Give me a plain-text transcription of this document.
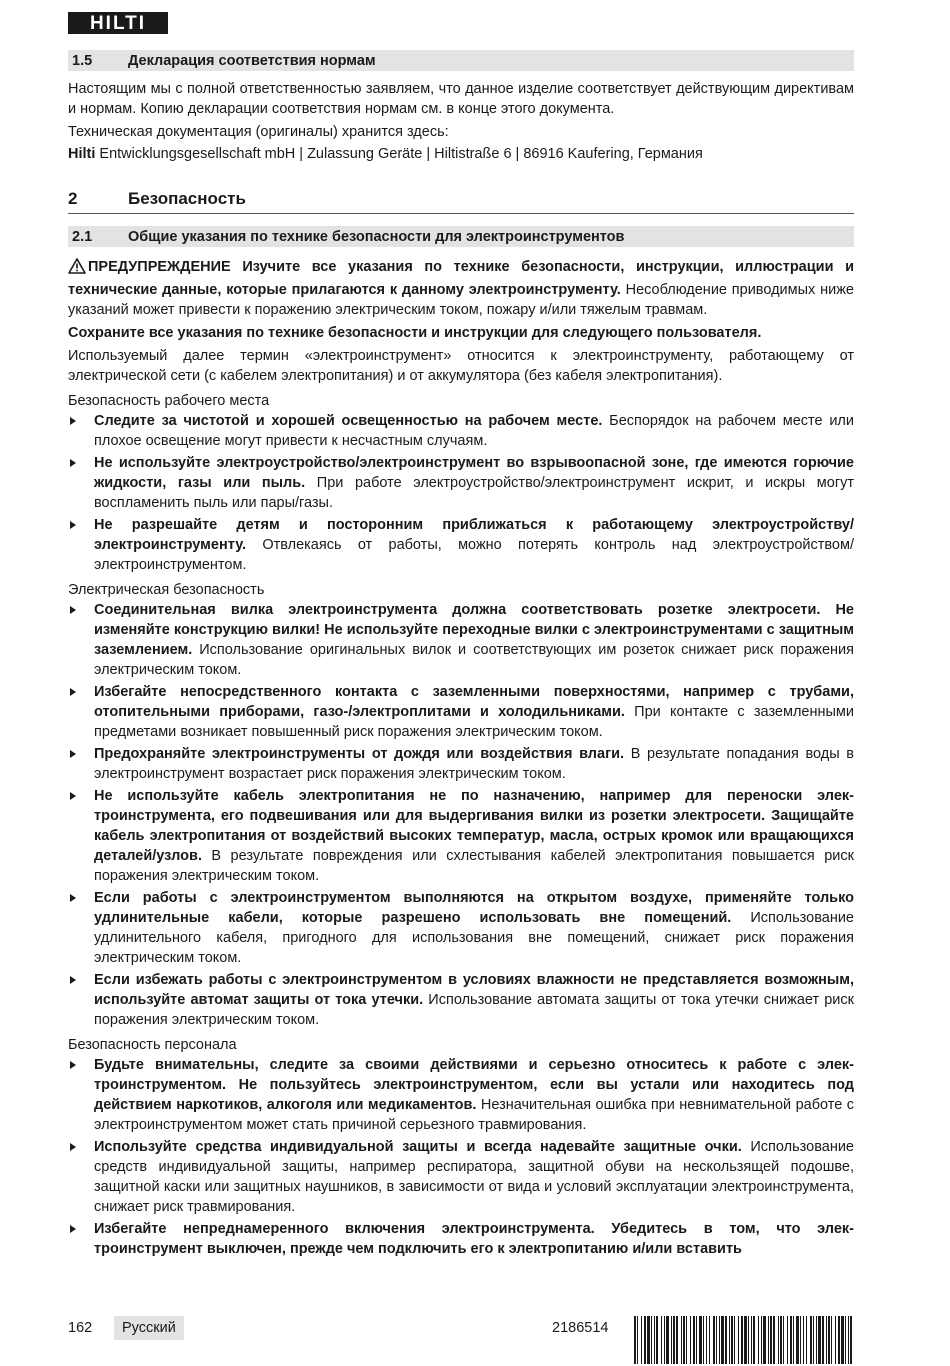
HILTI
1.5	Декларация соответствия нормам

Настоящим мы с полной ответственностью заявляем, что данное изделие соответствует действующим директивам и нормам. Копию декларации соответствия нормам см. в конце этого документа.

Техническая документация (оригиналы) хранится здесь:

Hilti Entwicklungsgesellschaft mbH | Zulassung Geräte | Hiltistraße 6 | 86916 Kaufering, Германия

2	Безопасность
2.1	Общие указания по технике безопасности для электроинструментов

ПРЕДУПРЕЖДЕНИЕ Изучите все указания по технике безопасности, инструкции, иллюстрации и технические данные, которые прилагаются к данному электроинструменту. Несоблюдение приводимых ниже указаний может привести к поражению электрическим током, пожару и/или тяжелым травмам.

Сохраните все указания по технике безопасности и инструкции для следующего пользователя.

Используемый далее термин «электроинструмент» относится к электроинструменту, работающему от электрической сети (с кабелем электропитания) и от аккумулятора (без кабеля электропитания).

Безопасность рабочего места

Следите за чистотой и хорошей освещенностью на рабочем месте. Беспорядок на рабочем месте или плохое освещение могут привести к несчастным случаям.
Не используйте электроустройство/электроинструмент во взрывоопасной зоне, где имеются горючие жидкости, газы или пыль. При работе электроустройство/электроинструмент искрит, и искры могут воспламенить пыль или пары/газы.
Не разрешайте детям и посторонним приближаться к работающему электроустройству/электроинструменту. Отвлекаясь от работы, можно потерять контроль над электроустройством/электроинструментом.

Электрическая безопасность

Соединительная вилка электроинструмента должна соответствовать розетке электросети. Не изменяйте конструкцию вилки! Не используйте переходные вилки с электроинструментами с защитным заземлением. Использование оригинальных вилок и соответствующих им розеток снижает риск поражения электрическим током.
Избегайте непосредственного контакта с заземленными поверхностями, например с трубами, отопительными приборами, газо-/электроплитами и холодильниками. При контакте с заземленными предметами возникает повышенный риск поражения электрическим током.
Предохраняйте электроинструменты от дождя или воздействия влаги. В результате попадания воды в электроинструмент возрастает риск поражения электрическим током.
Не используйте кабель электропитания не по назначению, например для переноски электроинструмента, его подвешивания или для выдергивания вилки из розетки электросети. Защищайте кабель электропитания от воздействий высоких температур, масла, острых кромок или вращающихся деталей/узлов. В результате повреждения или схлестывания кабелей электропитания повышается риск поражения электрическим током.
Если работы с электроинструментом выполняются на открытом воздухе, применяйте только удлинительные кабели, которые разрешено использовать вне помещений. Использование удлинительного кабеля, пригодного для использования вне помещений, снижает риск поражения электрическим током.
Если избежать работы с электроинструментом в условиях влажности не представляется возможным, используйте автомат защиты от тока утечки. Использование автомата защиты от тока утечки снижает риск поражения электрическим током.

Безопасность персонала

Будьте внимательны, следите за своими действиями и серьезно относитесь к работе с электроинструментом. Не пользуйтесь электроинструментом, если вы устали или находитесь под действием наркотиков, алкоголя или медикаментов. Незначительная ошибка при невнимательной работе с электроинструментом может стать причиной серьезного травмирования.
Используйте средства индивидуальной защиты и всегда надевайте защитные очки. Использование средств индивидуальной защиты, например респиратора, защитной обуви на нескользящей подошве, защитной каски или защитных наушников, в зависимости от вида и условий эксплуатации электроинструмента, снижает риск травмирования.
Избегайте непреднамеренного включения электроинструмента. Убедитесь в том, что электроинструмент выключен, прежде чем подключить его к электропитанию и/или вставить
162	Русский	2186514
